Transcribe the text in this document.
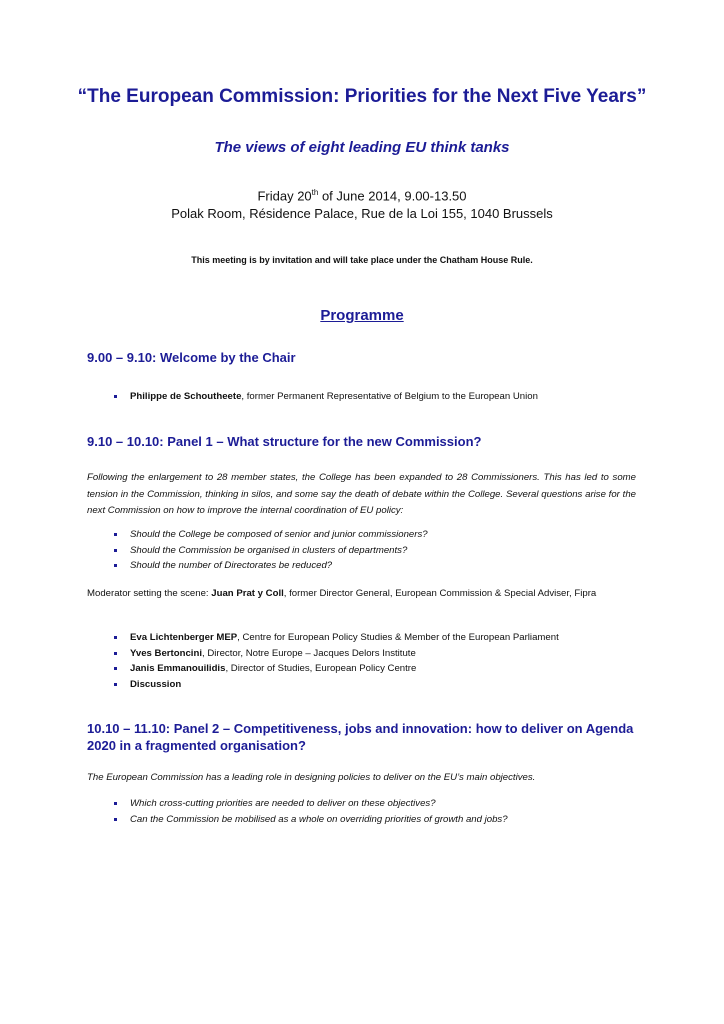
“The European Commission: Priorities for the Next Five Years”
The views of eight leading EU think tanks
Friday 20th of June 2014, 9.00-13.50
Polak Room, Résidence Palace, Rue de la Loi 155, 1040 Brussels
This meeting is by invitation and will take place under the Chatham House Rule.
Programme
9.00 – 9.10: Welcome by the Chair
Philippe de Schoutheete, former Permanent Representative of Belgium to the European Union
9.10 – 10.10: Panel 1 – What structure for the new Commission?
Following the enlargement to 28 member states, the College has been expanded to 28 Commissioners. This has led to some tension in the Commission, thinking in silos, and some say the death of debate within the College. Several questions arise for the next Commission on how to improve the internal coordination of EU policy:
Should the College be composed of senior and junior commissioners?
Should the Commission be organised in clusters of departments?
Should the number of Directorates be reduced?
Moderator setting the scene: Juan Prat y Coll, former Director General, European Commission & Special Adviser, Fipra
Eva Lichtenberger MEP, Centre for European Policy Studies & Member of the European Parliament
Yves Bertoncini, Director, Notre Europe – Jacques Delors Institute
Janis Emmanouilidis, Director of Studies, European Policy Centre
Discussion
10.10 – 11.10: Panel 2 – Competitiveness, jobs and innovation: how to deliver on Agenda 2020 in a fragmented organisation?
The European Commission has a leading role in designing policies to deliver on the EU’s main objectives.
Which cross-cutting priorities are needed to deliver on these objectives?
Can the Commission be mobilised as a whole on overriding priorities of growth and jobs?
